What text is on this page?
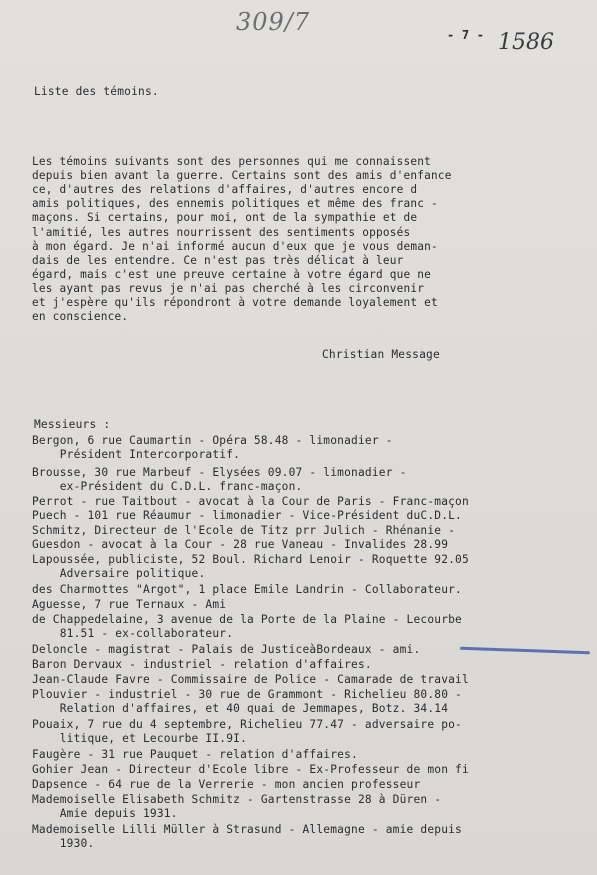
309/7	- 7 - 1586
Liste des témoins.
Les témoins suivants sont des personnes qui me connaissent
depuis bien avant la guerre. Certains sont des amis d'enfance
ce, d'autres des relations d'affaires, d'autres encore d
amis politiques, des ennemis politiques et même des franc -
maçons. Si certains, pour moi, ont de la sympathie et de
l'amitié, les autres nourrissent des sentiments opposés
à mon égard. Je n'ai informé aucun d'eux que je vous deman-
dais de les entendre. Ce n'est pas très délicat à leur
égard, mais c'est une preuve certaine à votre égard que ne
les ayant pas revus je n'ai pas cherché à les circonvenir
et j'espère qu'ils répondront à votre demande loyalement et
en conscience.
Christian Message
Messieurs :
Bergon, 6 rue Caumartin - Opéra 58.48 - limonadier -
Président Intercorporatif.
Brousse, 30 rue Marbeuf - Elysées 09.07 - limonadier -
ex-Président du C.D.L. franc-maçon.
Perrot - rue Taitbout - avocat à la Cour de Paris - Franc-maçon
Puech - 101 rue Réaumur - limonadier - Vice-Président duC.D.L.
Schmitz, Directeur de l'Ecole de Titz prr Julich - Rhénanie -
Guesdon - avocat à la Cour - 28 rue Vaneau - Invalides 28.99
Lapoussée, publiciste, 52 Boul. Richard Lenoir - Roquette 92.05
Adversaire politique.
des Charmottes "Argot", 1 place Emile Landrin - Collaborateur.
Aguesse, 7 rue Ternaux - Ami
de Chappedelaine, 3 avenue de la Porte de la Plaine - Lecourbe
81.51 - ex-collaborateur.
Deloncle - magistrat - Palais de JusticeàBordeaux - ami.
Baron Dervaux - industriel - relation d'affaires.
Jean-Claude Favre - Commissaire de Police - Camarade de travail
Plouvier - industriel - 30 rue de Grammont - Richelieu 80.80 -
Relation d'affaires, et 40 quai de Jemmapes, Botz. 34.14
Pouaix, 7 rue du 4 septembre, Richelieu 77.47 - adversaire po-
litique, et Lecourbe II.9I.
Faugère - 31 rue Pauquet - relation d'affaires.
Gohier Jean - Directeur d'Ecole libre - Ex-Professeur de mon fi
Dapsence - 64 rue de la Verrerie - mon ancien professeur
Mademoiselle Elisabeth Schmitz - Gartenstrasse 28 à Düren -
Amie depuis 1931.
Mademoiselle Lilli Müller à Strasund - Allemagne - amie depuis
1930.
